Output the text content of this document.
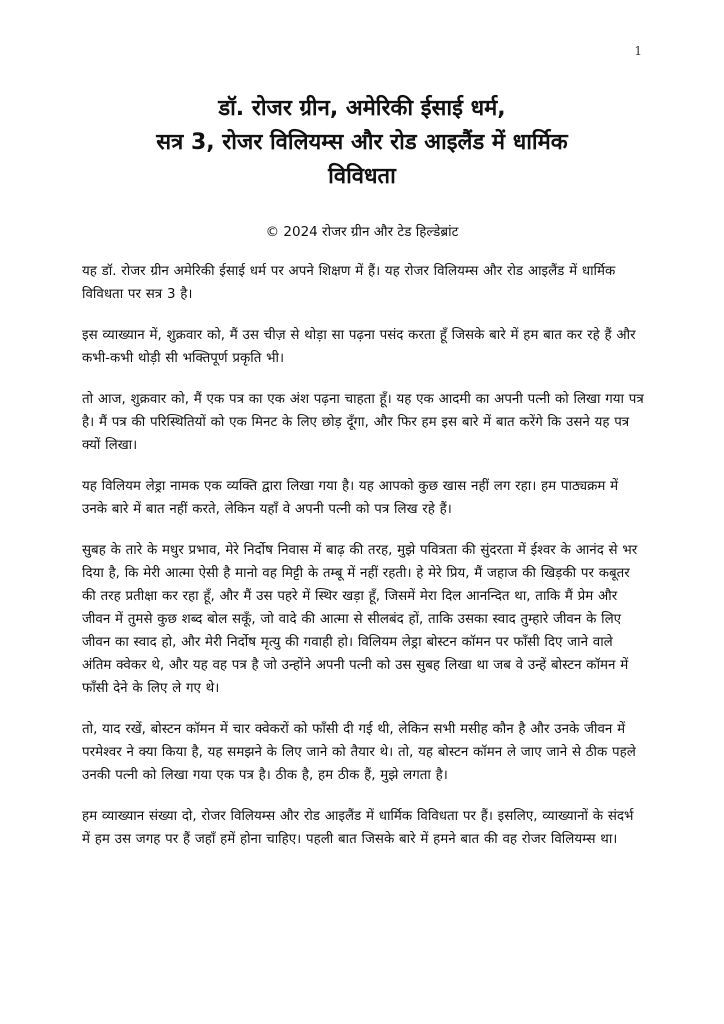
1

डॉ. रोजर ग्रीन, अमेरिकी ईसाई धर्म,

सत्र 3, रोजर विलियम्स और रोड आइलैंड में धार्मिक

विविधता

© 2024 रोजर ग्रीन और टेड हिल्डेब्रांट

यह डॉ. रोजर ग्रीन अमेरिकी ईसाई धर्म पर अपने शिक्षण में हैं। यह रोजर विलियम्स और रोड आइलैंड में धार्मिक विविधता पर सत्र 3 है।

इस व्याख्यान में, शुक्रवार को, मैं उस चीज़ से थोड़ा सा पढ़ना पसंद करता हूँ जिसके बारे में हम बात कर रहे हैं और कभी-कभी थोड़ी सी भक्तिपूर्ण प्रकृति भी।

तो आज, शुक्रवार को, मैं एक पत्र का एक अंश पढ़ना चाहता हूँ। यह एक आदमी का अपनी पत्नी को लिखा गया पत्र है। मैं पत्र की परिस्थितियों को एक मिनट के लिए छोड़ दूँगा, और फिर हम इस बारे में बात करेंगे कि उसने यह पत्र क्यों लिखा।

यह विलियम लेड्रा नामक एक व्यक्ति द्वारा लिखा गया है। यह आपको कुछ खास नहीं लग रहा। हम पाठ्यक्रम में उनके बारे में बात नहीं करते, लेकिन यहाँ वे अपनी पत्नी को पत्र लिख रहे हैं।

सुबह के तारे के मधुर प्रभाव, मेरे निर्दोष निवास में बाढ़ की तरह, मुझे पवित्रता की सुंदरता में ईश्वर के आनंद से भर दिया है, कि मेरी आत्मा ऐसी है मानो वह मिट्टी के तम्बू में नहीं रहती। हे मेरे प्रिय, मैं जहाज की खिड़की पर कबूतर की तरह प्रतीक्षा कर रहा हूँ, और मैं उस पहरे में स्थिर खड़ा हूँ, जिसमें मेरा दिल आनन्दित था, ताकि मैं प्रेम और जीवन में तुमसे कुछ शब्द बोल सकूँ, जो वादे की आत्मा से सीलबंद हों, ताकि उसका स्वाद तुम्हारे जीवन के लिए जीवन का स्वाद हो, और मेरी निर्दोष मृत्यु की गवाही हो। विलियम लेड्रा बोस्टन कॉमन पर फाँसी दिए जाने वाले अंतिम क्वेकर थे, और यह वह पत्र है जो उन्होंने अपनी पत्नी को उस सुबह लिखा था जब वे उन्हें बोस्टन कॉमन में फाँसी देने के लिए ले गए थे।

तो, याद रखें, बोस्टन कॉमन में चार क्वेकरों को फाँसी दी गई थी, लेकिन सभी मसीह कौन है और उनके जीवन में परमेश्वर ने क्या किया है, यह समझने के लिए जाने को तैयार थे। तो, यह बोस्टन कॉमन ले जाए जाने से ठीक पहले उनकी पत्नी को लिखा गया एक पत्र है। ठीक है, हम ठीक हैं, मुझे लगता है।

हम व्याख्यान संख्या दो, रोजर विलियम्स और रोड आइलैंड में धार्मिक विविधता पर हैं। इसलिए, व्याख्यानों के संदर्भ में हम उस जगह पर हैं जहाँ हमें होना चाहिए। पहली बात जिसके बारे में हमने बात की वह रोजर विलियम्स था।
